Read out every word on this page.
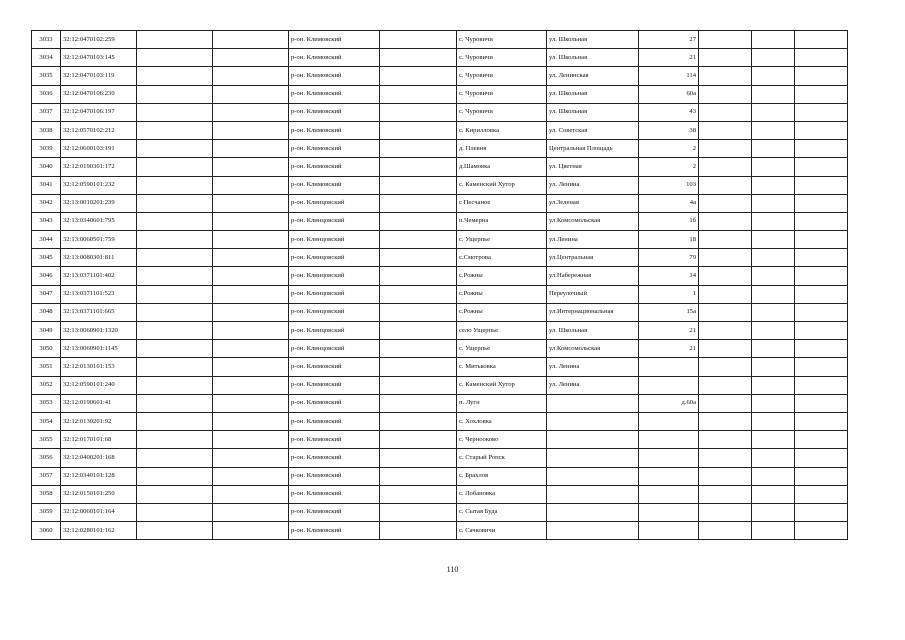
3033	32:12:0470102:259			р-он. Климовский		с. Чуровичи	ул. Школьная	27			
3034	32:12:0470103:145			р-он. Климовский		с. Чуровичи	ул. Школьная	21			
3035	32:12:0470103:119			р-он. Климовский		с. Чуровичи	ул. Ленинская	114			
3036	32:12:0470106:230			р-он. Климовский		с. Чуровичи	ул. Школьная	60а			
3037	32:12:0470106:197			р-он. Климовский		с. Чуровичи	ул. Школьная	43			
3038	32:12:0570102:212			р-он. Климовский		с. Кирилловка	ул. Советская	38			
3039	32:12:0600103:191			р-он. Климовский		д. Плевня	Центральная Площадь	2			
3040	32:12:0190301:172			р-он. Климовский		д.Шамовка	ул. Цветная	2			
3041	32:12:0590101:232			р-он. Климовский		с. Каменский Хутор	ул. Ленина	103			
3042	32:13:0010201:239			р-он. Клинцовский		с Песчаное	ул.Зеленая	4а			
3043	32:13:0340601:795			р-он. Клинцовский		п.Чемерна	ул.Комсомольская	1б			
3044	32:13:0060501:759			р-он. Клинцовский		с. Ущерпье	ул.Ленина	18			
3045	32:13:0080301:811			р-он. Клинцовский		с.Смотрова	ул.Центральная	79			
3046	32:13:0371101:402			р-он. Клинцовский		с.Рожны	ул.Набережная	14			
3047	32:13:0371101:523			р-он. Клинцовский		с.Рожны	Переулочный	1			
3048	32:13:0371101:665			р-он. Клинцовский		с.Рожны	ул.Интернациональная	15а			
3049	32:13:0060901:1320			р-он. Клинцовский		село Ущерпье	ул. Школьная	21			
3050	32:13:0060901:1145			р-он. Клинцовский		с. Ущерпье	ул.Комсомольская	21			
3051	32:12:0130101:153			р-он. Климовский		с. Митьковка	ул. Ленина				
3052	32:12:0590101:240			р-он. Климовский		с. Каменский Хутор	ул. Ленина				
3053	32:12:0190601:41			р-он. Климовский		п. Лугн		д.60а			
3054	32:12:0130201:92			р-он. Климовский		с. Хохловка					
3055	32:12:0170101:68			р-он. Климовский		с. Чернооково					
3056	32:12:0400201:168			р-он. Климовский		с. Старый Ропск					
3057	32:12:0340101:128			р-он. Климовский		с. Брахлов					
3058	32:12:0150101:250			р-он. Климовский		с. Лобановка					
3059	32:12:0060101:164			р-он. Климовский		с. Сытая Буда					
3060	32:12:0280101:162			р-он. Климовский		с. Сачковичи					
110
